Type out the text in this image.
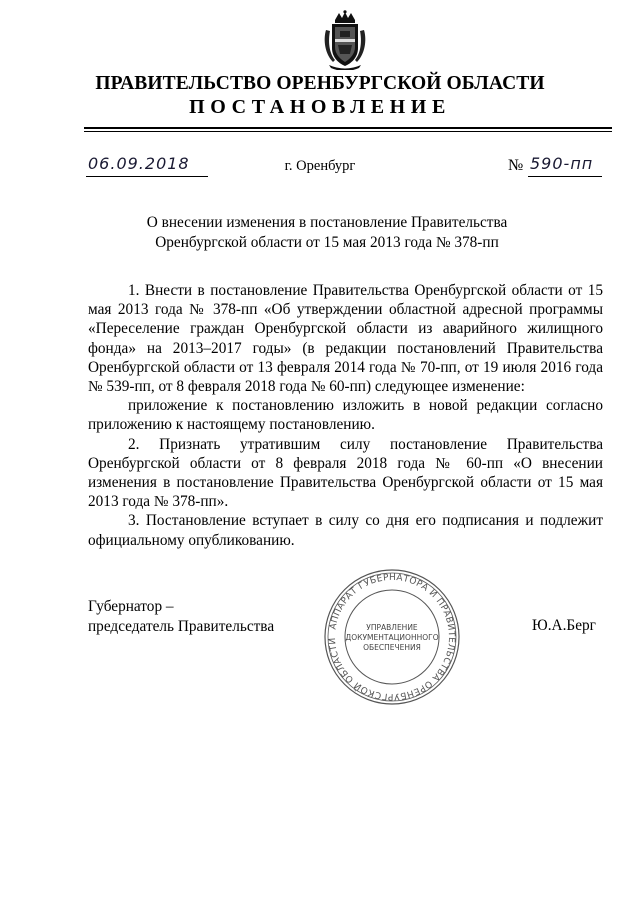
ПРАВИТЕЛЬСТВО ОРЕНБУРГСКОЙ ОБЛАСТИ
ПОСТАНОВЛЕНИЕ
06.09.2018	г. Оренбург	№ 590-пп
О внесении изменения в постановление Правительства
Оренбургской области от 15 мая 2013 года № 378-пп

1. Внести в постановление Правительства Оренбургской области от 15 мая 2013 года № 378-пп «Об утверждении областной адресной программы «Переселение граждан Оренбургской области из аварийного жилищного фонда» на 2013–2017 годы» (в редакции постановлений Правительства Оренбургской области от 13 февраля 2014 года № 70-пп, от 19 июля 2016 года № 539-пп, от 8 февраля 2018 года № 60-пп) следующее изменение:

приложение к постановлению изложить в новой редакции согласно приложению к настоящему постановлению.

2. Признать утратившим силу постановление Правительства Оренбургской области от 8 февраля 2018 года № 60-пп «О внесении изменения в постановление Правительства Оренбургской области от 15 мая 2013 года № 378-пп».

3. Постановление вступает в силу со дня его подписания и подлежит официальному опубликованию.

Губернатор –
председатель Правительства	АППАРАТ ГУБЕРНАТОРА И ПРАВИТЕЛЬСТВА ОРЕНБУРГСКОЙ ОБЛАСТИ
УПРАВЛЕНИЕ
ДОКУМЕНТАЦИОННОГО
ОБЕСПЕЧЕНИЯ
Ю.А.Берг
